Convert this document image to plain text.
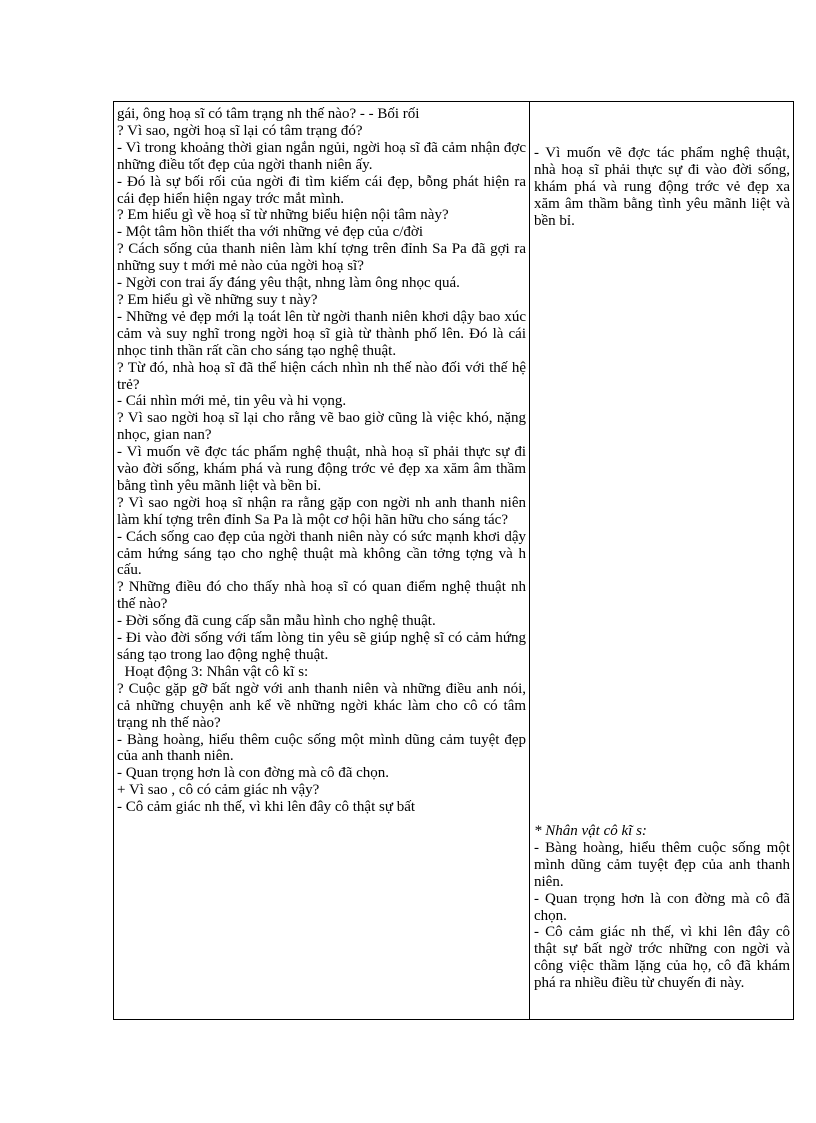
gái, ông hoạ sĩ có tâm trạng nh thế nào? - - Bối rối

? Vì sao, ngời hoạ sĩ lại có tâm trạng đó?

- Vì trong khoảng thời gian ngắn ngủi, ngời hoạ sĩ đã cảm nhận đợc những điều tốt đẹp của ngời thanh niên ấy.

- Đó là sự bối rối của ngời đi tìm kiếm cái đẹp, bỗng phát hiện ra cái đẹp hiển hiện ngay trớc mắt mình.

? Em hiểu gì về hoạ sĩ từ những biểu hiện nội tâm này?

- Một tâm hồn thiết tha với những vẻ đẹp của c/đời

? Cách sống của thanh niên làm khí tợng trên đỉnh Sa Pa đã gợi ra những suy t mới mẻ nào của ngời hoạ sĩ?

- Ngời con trai ấy đáng yêu thật, nhng làm ông nhọc quá.

? Em hiểu gì về những suy t này?

- Những vẻ đẹp mới lạ toát lên từ ngời thanh niên khơi dậy bao xúc cảm và suy nghĩ trong ngời hoạ sĩ già từ thành phố lên. Đó là cái nhọc tinh thần rất cần cho sáng tạo nghệ thuật.

? Từ đó, nhà hoạ sĩ đã thể hiện cách nhìn nh thế nào đối với thế hệ trẻ?

- Cái nhìn mới mẻ, tin yêu và hi vọng.

? Vì sao ngời hoạ sĩ lại cho rằng vẽ bao giờ cũng là việc khó, nặng nhọc, gian nan?

- Vì muốn vẽ đợc tác phẩm nghệ thuật, nhà hoạ sĩ phải thực sự đi vào đời sống, khám phá và rung động trớc vẻ đẹp xa xăm âm thầm bằng tình yêu mãnh liệt và bền bỉ.

? Vì sao ngời hoạ sĩ nhận ra rằng gặp con ngời nh anh thanh niên làm khí tợng trên đỉnh Sa Pa là một cơ hội hãn hữu cho sáng tác?

- Cách sống cao đẹp của ngời thanh niên này có sức mạnh khơi dậy cảm hứng sáng tạo cho nghệ thuật mà không cần tởng tợng và h cấu.

? Những điều đó cho thấy nhà hoạ sĩ có quan điểm nghệ thuật nh thế nào?

- Đời sống đã cung cấp sẵn mẫu hình cho nghệ thuật.

- Đi vào đời sống với tấm lòng tin yêu sẽ giúp nghệ sĩ có cảm hứng sáng tạo trong lao động nghệ thuật.

Hoạt động 3: Nhân vật cô kĩ s:

? Cuộc gặp gỡ bất ngờ với anh thanh niên và những điều anh nói, cả những chuyện anh kể về những ngời khác làm cho cô có tâm trạng nh thế nào?

- Bàng hoàng, hiểu thêm cuộc sống một mình dũng cảm tuyệt đẹp của anh thanh niên.

- Quan trọng hơn là con đờng mà cô đã chọn.

+ Vì sao , cô có cảm giác nh vậy?

- Cô cảm giác nh thế, vì khi lên đây cô thật sự bất

- Vì muốn vẽ đợc tác phẩm nghệ thuật, nhà hoạ sĩ phải thực sự đi vào đời sống, khám phá và rung động trớc vẻ đẹp xa xăm âm thầm bằng tình yêu mãnh liệt và bền bỉ.

* Nhân vật cô kĩ s:

- Bàng hoàng, hiểu thêm cuộc sống một mình dũng cảm tuyệt đẹp của anh thanh niên.

- Quan trọng hơn là con đờng mà cô đã chọn.

- Cô cảm giác nh thế, vì khi lên đây cô thật sự bất ngờ trớc những con ngời và công việc thầm lặng của họ, cô đã khám phá ra nhiều điều từ chuyến đi này.
